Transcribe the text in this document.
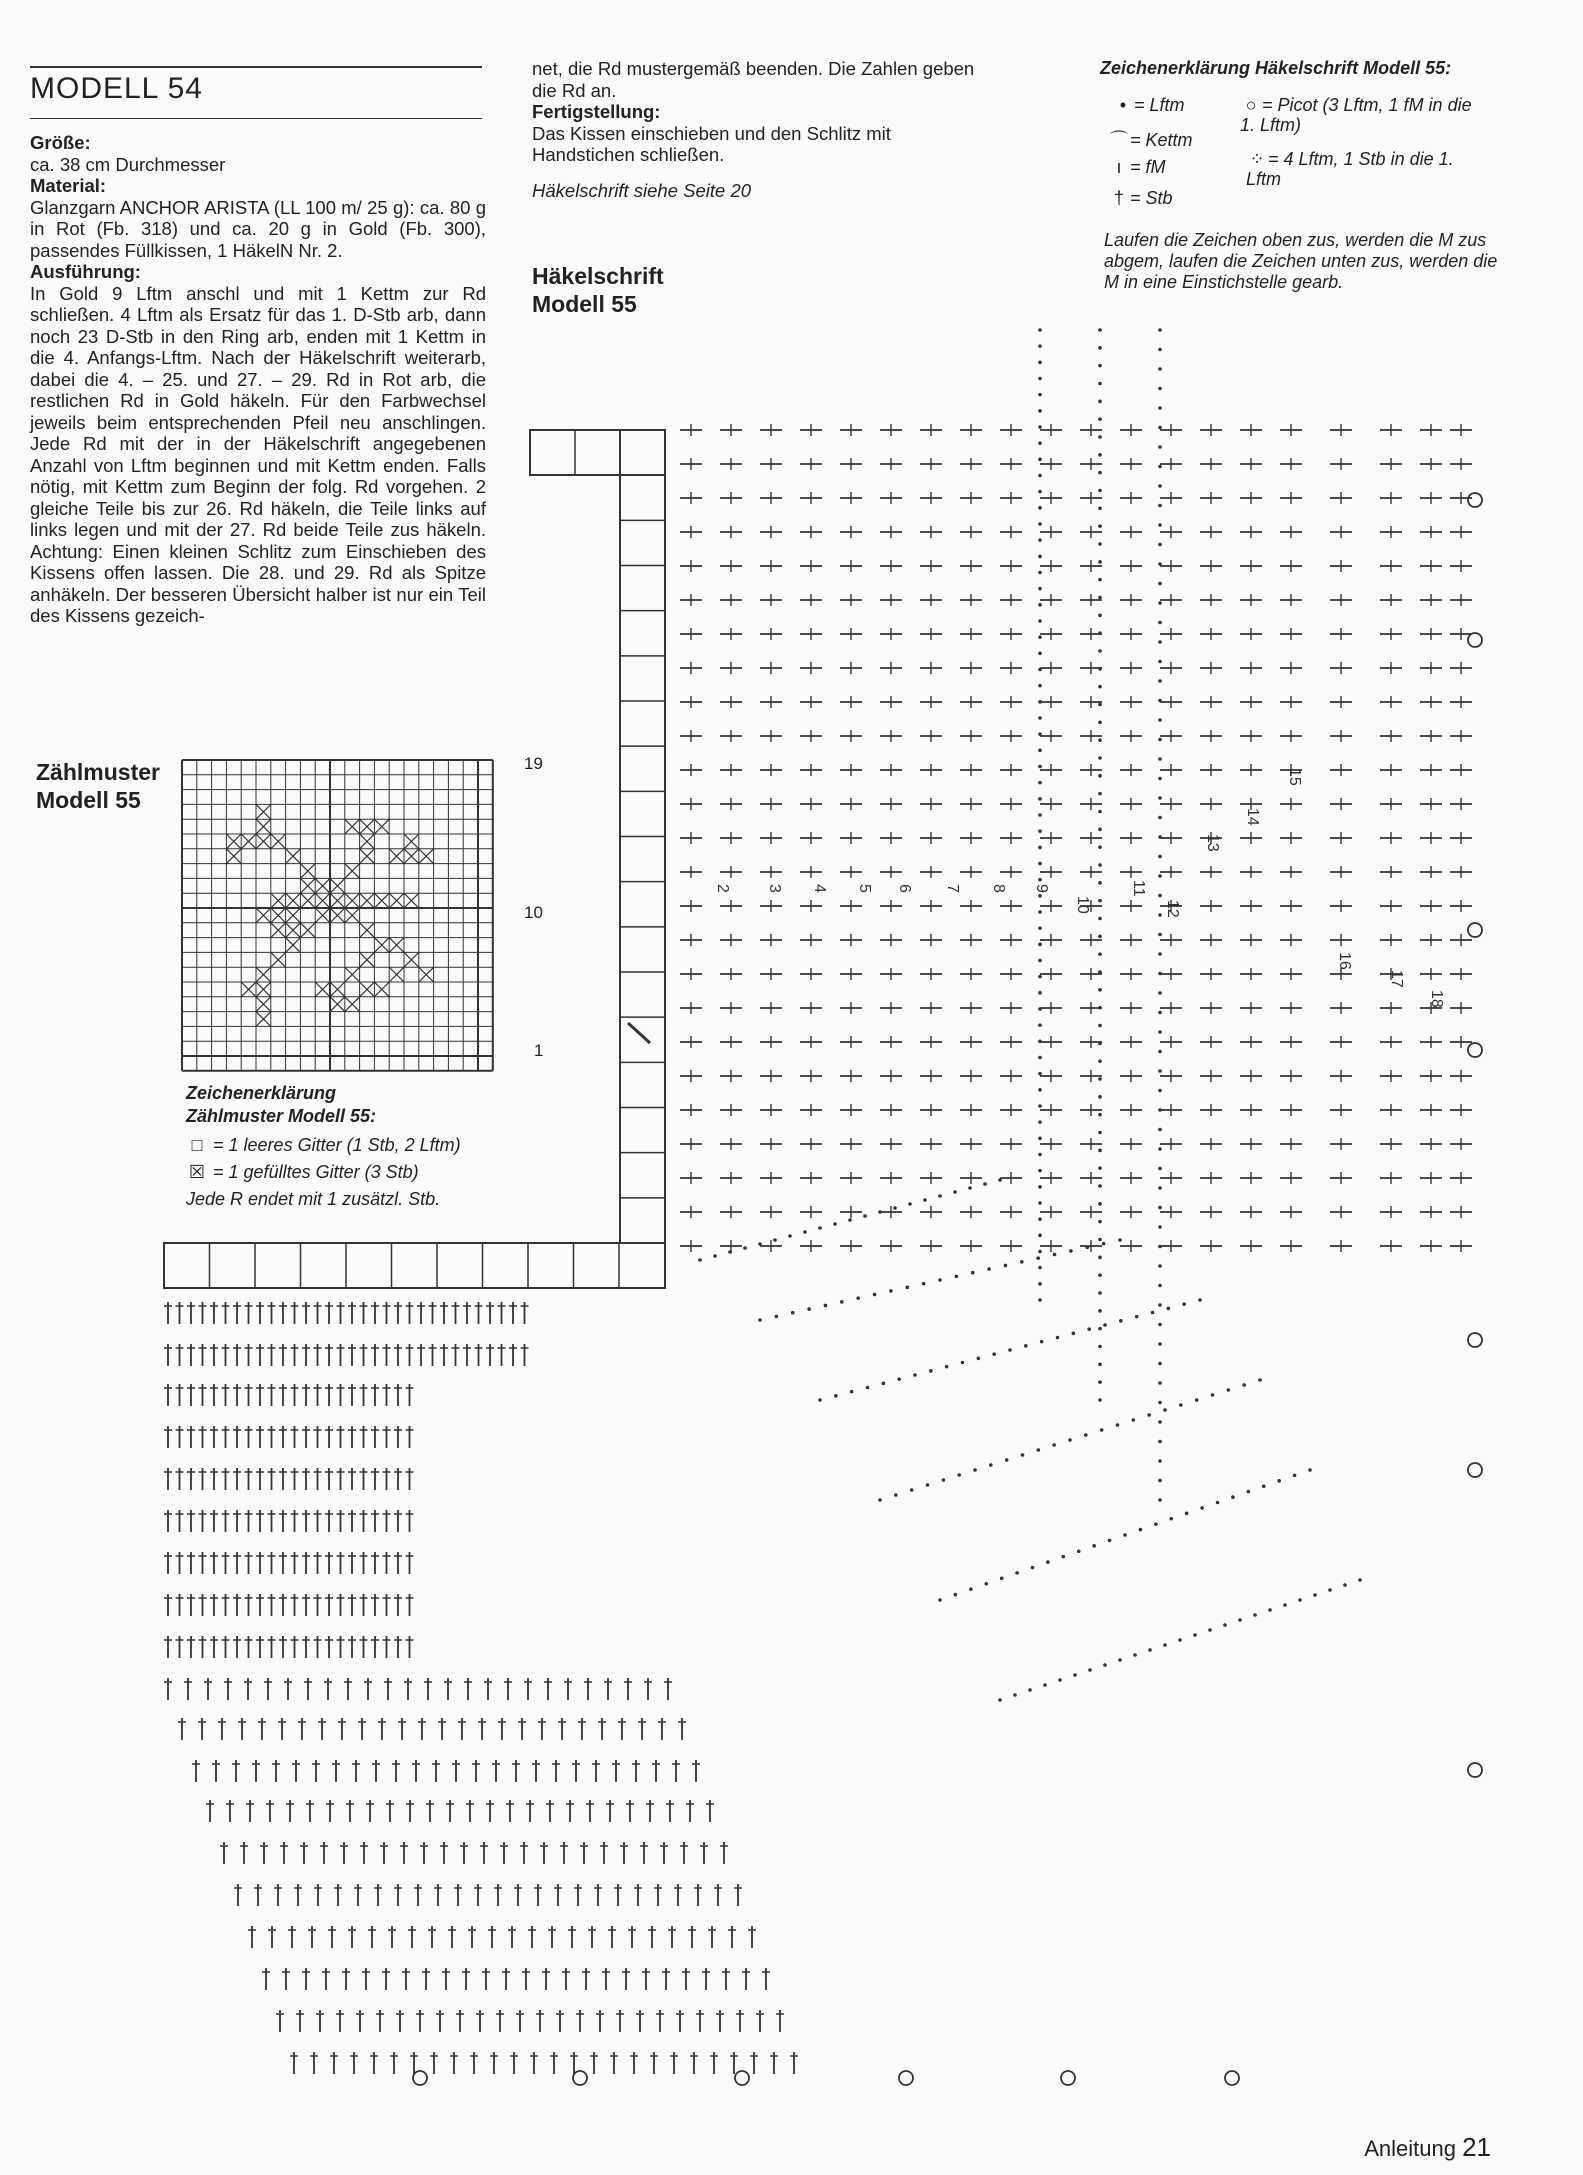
MODELL 54

Größe:

ca. 38 cm Durchmesser

Material:

Glanzgarn ANCHOR ARISTA (LL 100 m/ 25 g): ca. 80 g in Rot (Fb. 318) und ca. 20 g in Gold (Fb. 300), passendes Füllkissen, 1 HäkelN Nr. 2.

Ausführung:

In Gold 9 Lftm anschl und mit 1 Kettm zur Rd schließen. 4 Lftm als Ersatz für das 1. D-Stb arb, dann noch 23 D-Stb in den Ring arb, enden mit 1 Kettm in die 4. Anfangs-Lftm. Nach der Häkelschrift weiterarb, dabei die 4. – 25. und 27. – 29. Rd in Rot arb, die restlichen Rd in Gold häkeln. Für den Farbwechsel jeweils beim entsprechenden Pfeil neu anschlingen. Jede Rd mit der in der Häkelschrift angegebenen Anzahl von Lftm beginnen und mit Kettm enden. Falls nötig, mit Kettm zum Beginn der folg. Rd vorgehen. 2 gleiche Teile bis zur 26. Rd häkeln, die Teile links auf links legen und mit der 27. Rd beide Teile zus häkeln. Achtung: Einen kleinen Schlitz zum Einschieben des Kissens offen lassen. Die 28. und 29. Rd als Spitze anhäkeln. Der besseren Übersicht halber ist nur ein Teil des Kissens gezeich-

net, die Rd mustergemäß beenden. Die Zahlen geben die Rd an.

Fertigstellung:

Das Kissen einschieben und den Schlitz mit Handstichen schließen.

Häkelschrift siehe Seite 20

Häkelschrift
Modell 55
Zeichenerklärung Häkelschrift Modell 55:
• = Lftm
⌒ = Kettm
ı = fM
† = Stb
○ = Picot (3 Lftm, 1 fM in die 1. Lftm)
⁘ = 4 Lftm, 1 Stb in die 1. Lftm
Laufen die Zeichen oben zus, werden die M zus abgem, laufen die Zeichen unten zus, werden die M in eine Einstichstelle gearb.
Zählmuster
Modell 55
19
10
1
Zeichenerklärung
Zählmuster Modell 55:
□ = 1 leeres Gitter (1 Stb, 2 Lftm)
☒ = 1 gefülltes Gitter (3 Stb)
Jede R endet mit 1 zusätzl. Stb.
2 3 4 5 6 7 8 9
10
11
12
13
14
15
16
17
18
Anleitung 21
